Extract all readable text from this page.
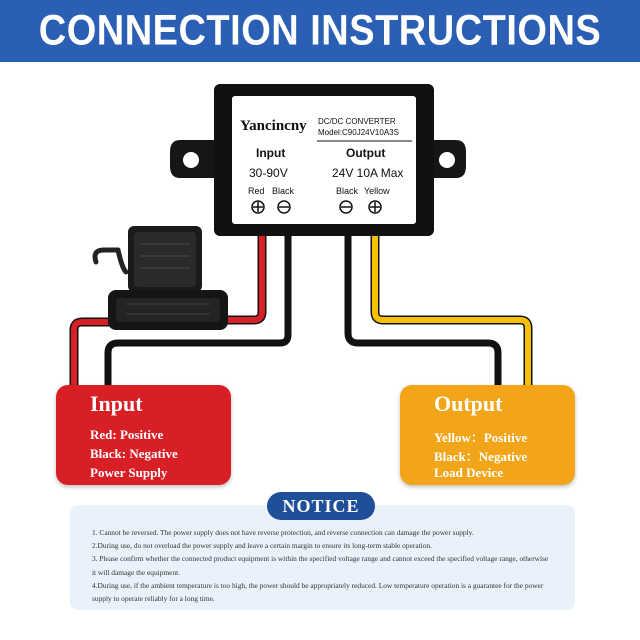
CONNECTION INSTRUCTIONS
Yancincny DC/DC CONVERTER
Model:C90J24V10A3S
Input	Output
30-90V	24V 10A Max
Red Black	Black Yellow
Input
Red: Positive
Black: Negative
Power Supply
Output
Yellow：Positive
Black：Negative
Load Device
NOTICE

1. Cannot be reversed. The power supply does not have reverse protection, and reverse connection can damage the power supply.

2.During use, do not overload the power supply and leave a certain margin to ensure its long-term stable operation.

3. Please confirm whether the connected product equipment is within the specified voltage range and cannot exceed the specified voltage range, otherwise it will damage the equipment.

4.During use, if the ambient temperature is too high, the power should be appropriately reduced. Low temperature operation is a guarantee for the power supply to operate reliably for a long time.
